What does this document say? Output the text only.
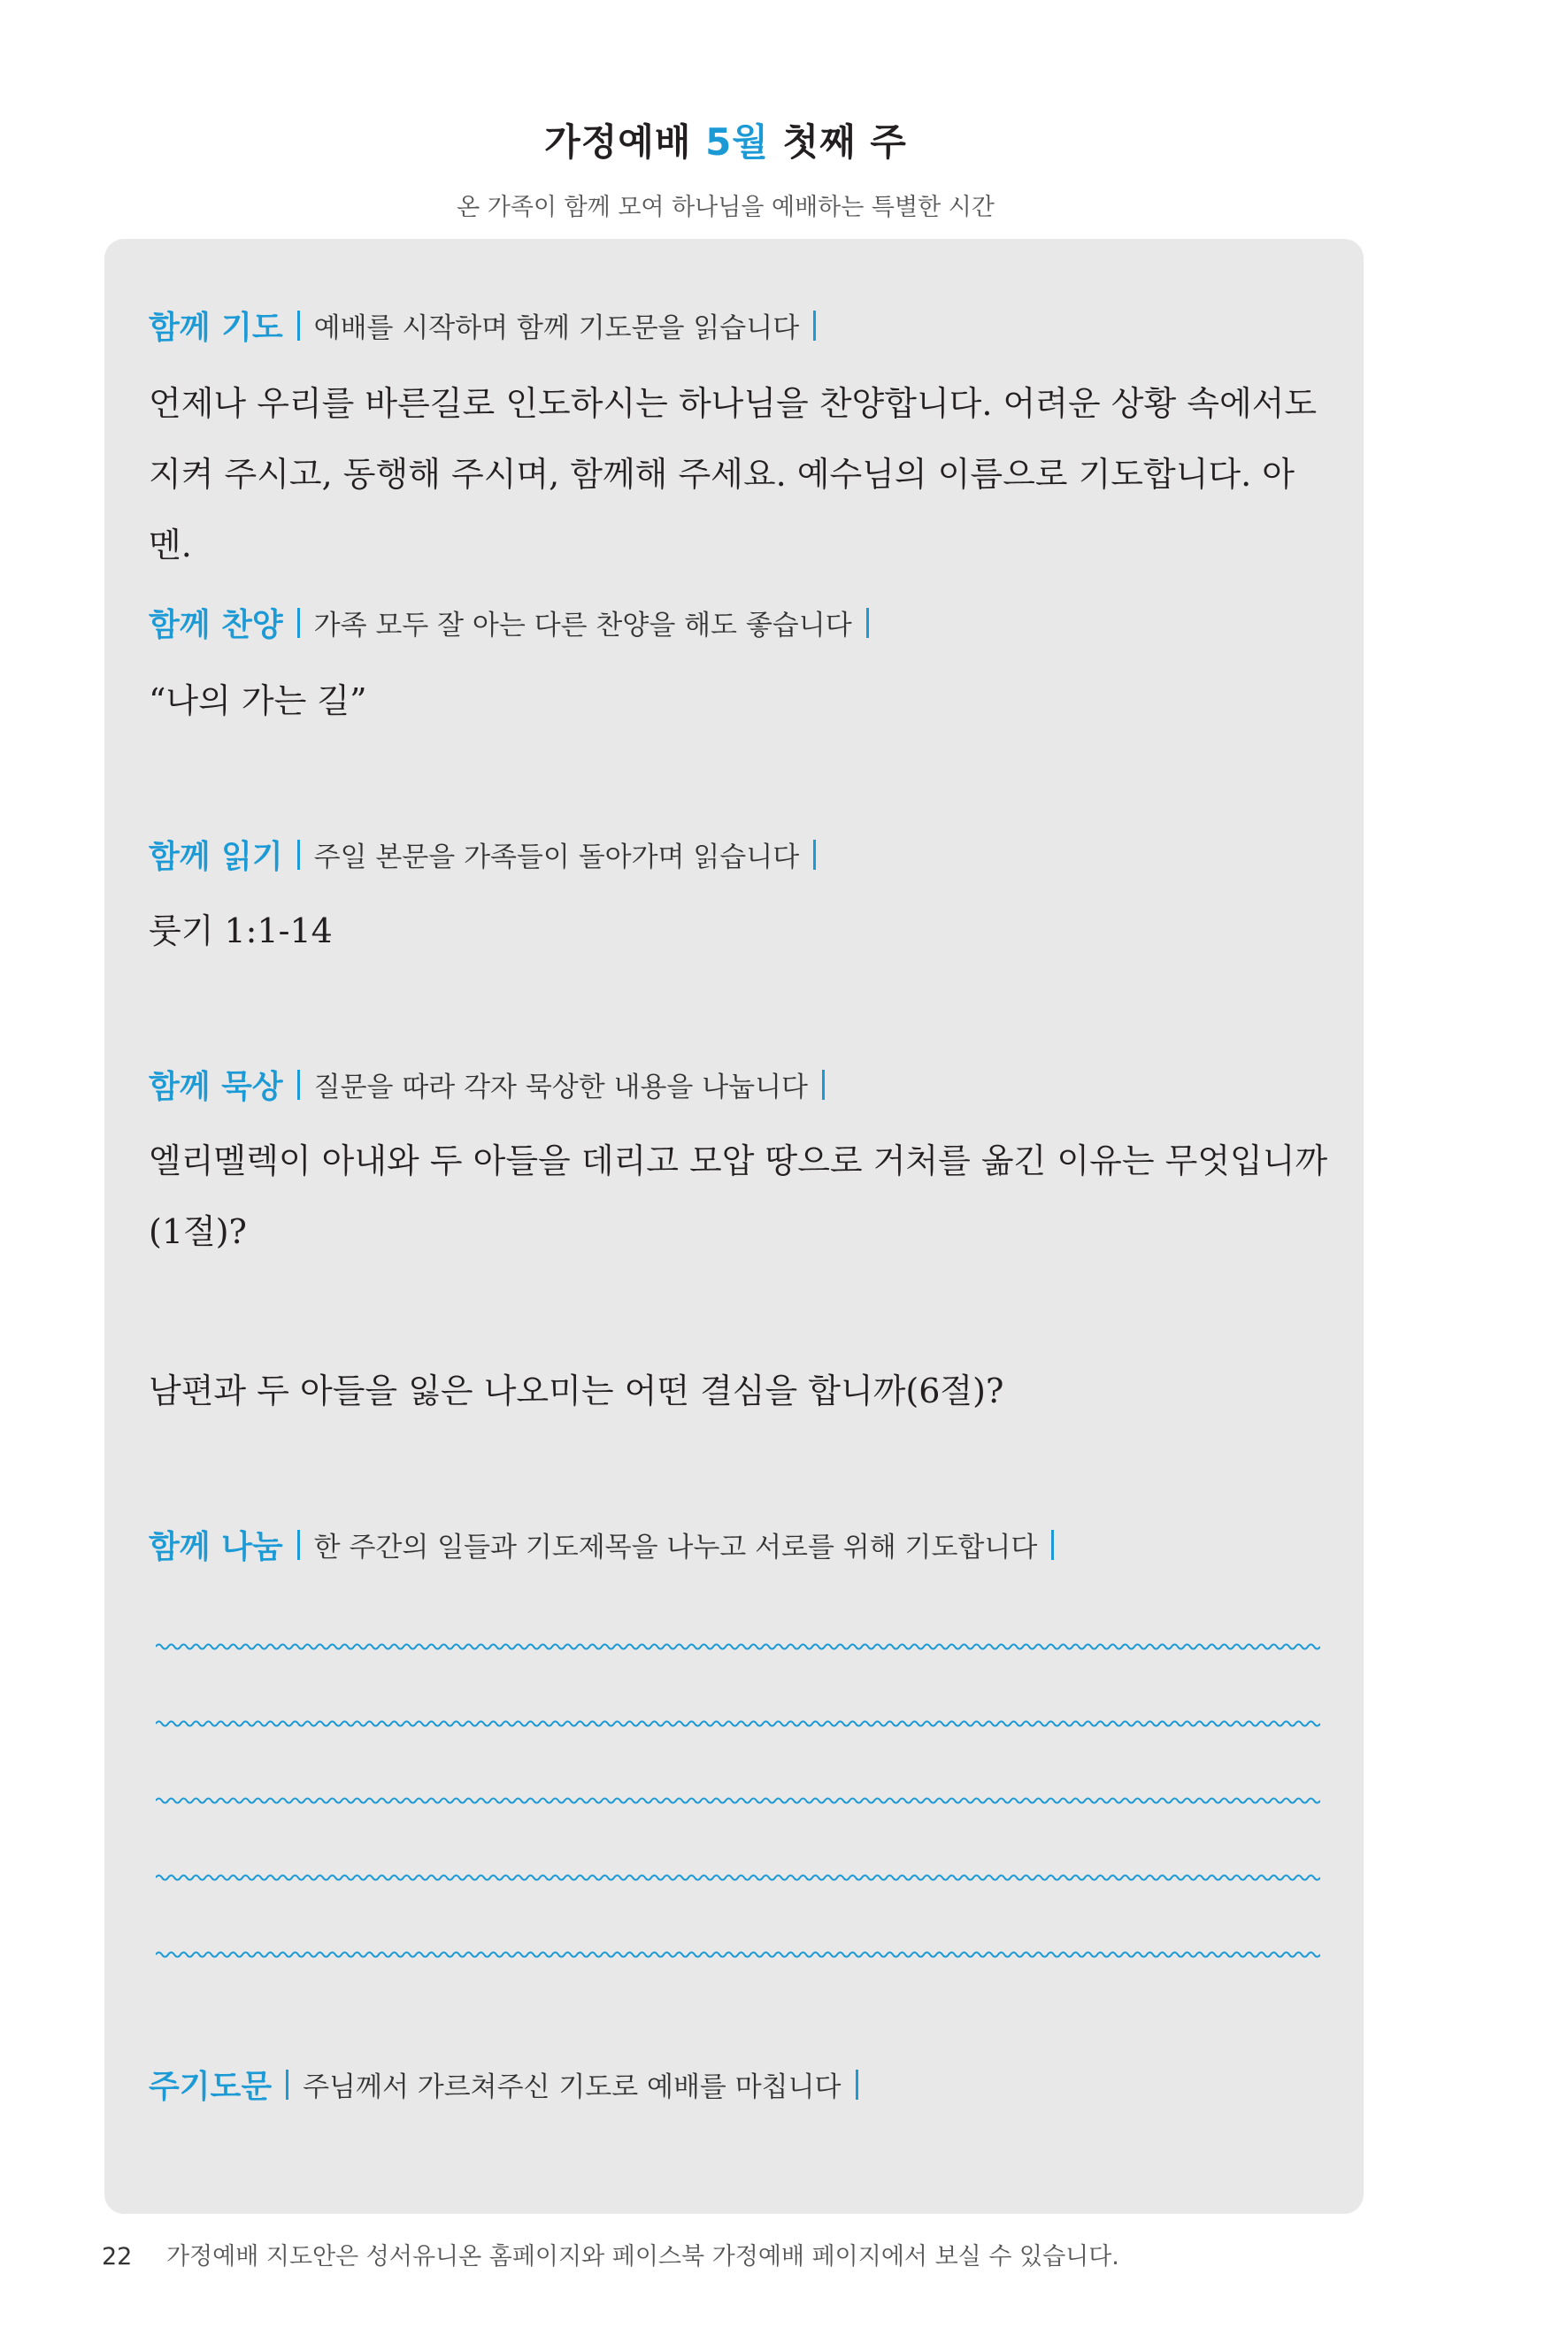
가정예배 5월 첫째 주
온 가족이 함께 모여 하나님을 예배하는 특별한 시간
함께 기도 예배를 시작하며 함께 기도문을 읽습니다
언제나 우리를 바른길로 인도하시는 하나님을 찬양합니다. 어려운 상황 속에서도 지켜 주시고, 동행해 주시며, 함께해 주세요. 예수님의 이름으로 기도합니다. 아멘.
함께 찬양 가족 모두 잘 아는 다른 찬양을 해도 좋습니다
“나의 가는 길”
함께 읽기 주일 본문을 가족들이 돌아가며 읽습니다
룻기 1:1-14
함께 묵상 질문을 따라 각자 묵상한 내용을 나눕니다
엘리멜렉이 아내와 두 아들을 데리고 모압 땅으로 거처를 옮긴 이유는 무엇입니까(1절)?
남편과 두 아들을 잃은 나오미는 어떤 결심을 합니까(6절)?
함께 나눔 한 주간의 일들과 기도제목을 나누고 서로를 위해 기도합니다
주기도문 주님께서 가르쳐주신 기도로 예배를 마칩니다
22 가정예배 지도안은 성서유니온 홈페이지와 페이스북 가정예배 페이지에서 보실 수 있습니다.
